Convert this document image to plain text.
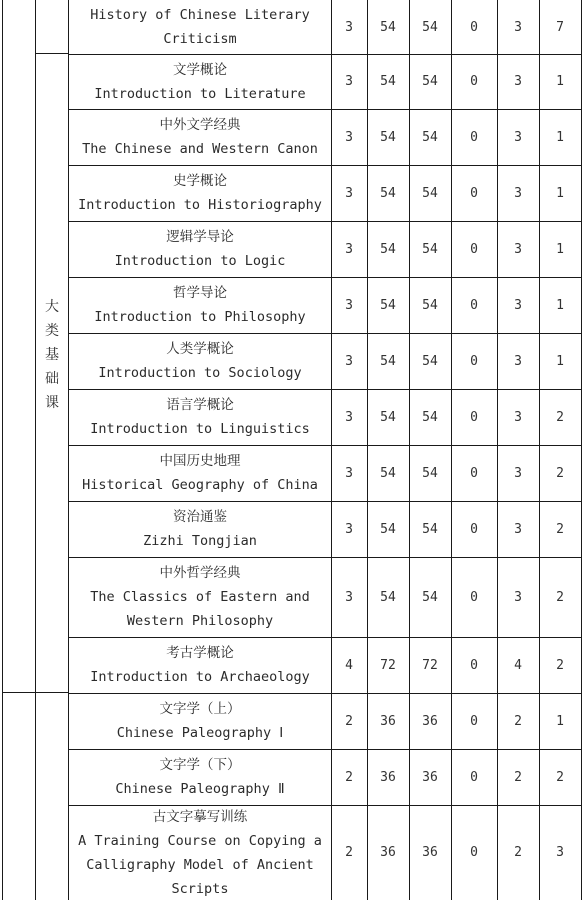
History of Chinese Literary
Criticism
3	54	54	0	3	7
文学概论
Introduction to Literature
3	54	54	0	3	1
中外文学经典
The Chinese and Western Canon
3	54	54	0	3	1
史学概论
Introduction to Historiography
3	54	54	0	3	1
逻辑学导论
Introduction to Logic
3	54	54	0	3	1
哲学导论
Introduction to Philosophy
3	54	54	0	3	1
人类学概论
Introduction to Sociology
3	54	54	0	3	1
语言学概论
Introduction to Linguistics
3	54	54	0	3	2
中国历史地理
Historical Geography of China
3	54	54	0	3	2
资治通鉴
Zizhi Tongjian
3	54	54	0	3	2
中外哲学经典
The Classics of Eastern and
Western Philosophy
3	54	54	0	3	2
考古学概论
Introduction to Archaeology
4	72	72	0	4	2
文字学（上）
Chinese Paleography Ⅰ
2	36	36	0	2	1
文字学（下）
Chinese Paleography Ⅱ
2	36	36	0	2	2
古文字摹写训练
A Training Course on Copying a
Calligraphy Model of Ancient
Scripts
2	36	36	0	2	3
大
类
基
础
课
